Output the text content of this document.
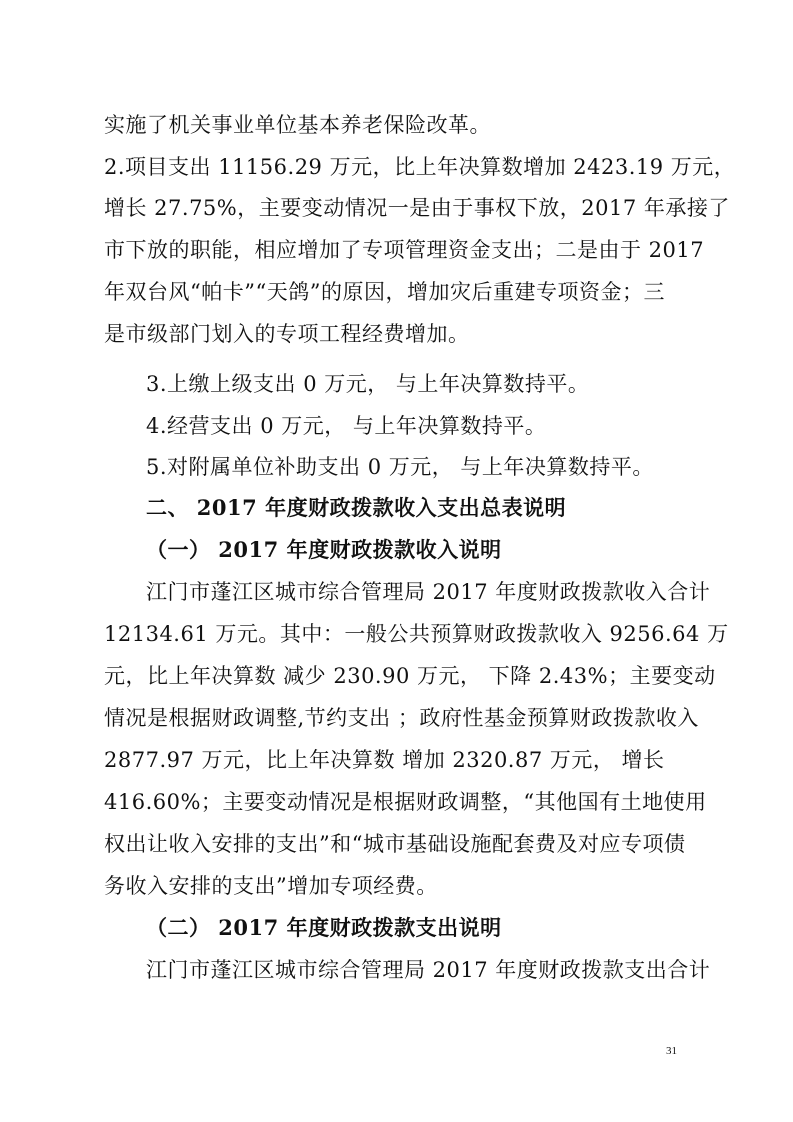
实施了机关事业单位基本养老保险改革。
2.项目支出 11156.29 万元，比上年决算数增加 2423.19 万元，
增长 27.75%，主要变动情况一是由于事权下放，2017 年承接了
市下放的职能，相应增加了专项管理资金支出；二是由于 2017
年双台风“帕卡”“天鸽”的原因，增加灾后重建专项资金；三
是市级部门划入的专项工程经费增加。
3.上缴上级支出 0 万元， 与上年决算数持平。
4.经营支出 0 万元， 与上年决算数持平。
5.对附属单位补助支出 0 万元， 与上年决算数持平。
二、 2017 年度财政拨款收入支出总表说明
（一） 2017 年度财政拨款收入说明
江门市蓬江区城市综合管理局 2017 年度财政拨款收入合计
12134.61 万元。其中：一般公共预算财政拨款收入 9256.64 万
元，比上年决算数 减少 230.90 万元， 下降 2.43%；主要变动
情况是根据财政调整,节约支出 ；政府性基金预算财政拨款收入
2877.97 万元，比上年决算数 增加 2320.87 万元， 增长
416.60%；主要变动情况是根据财政调整，“其他国有土地使用
权出让收入安排的支出”和“城市基础设施配套费及对应专项债
务收入安排的支出”增加专项经费。
（二） 2017 年度财政拨款支出说明
江门市蓬江区城市综合管理局 2017 年度财政拨款支出合计
31
